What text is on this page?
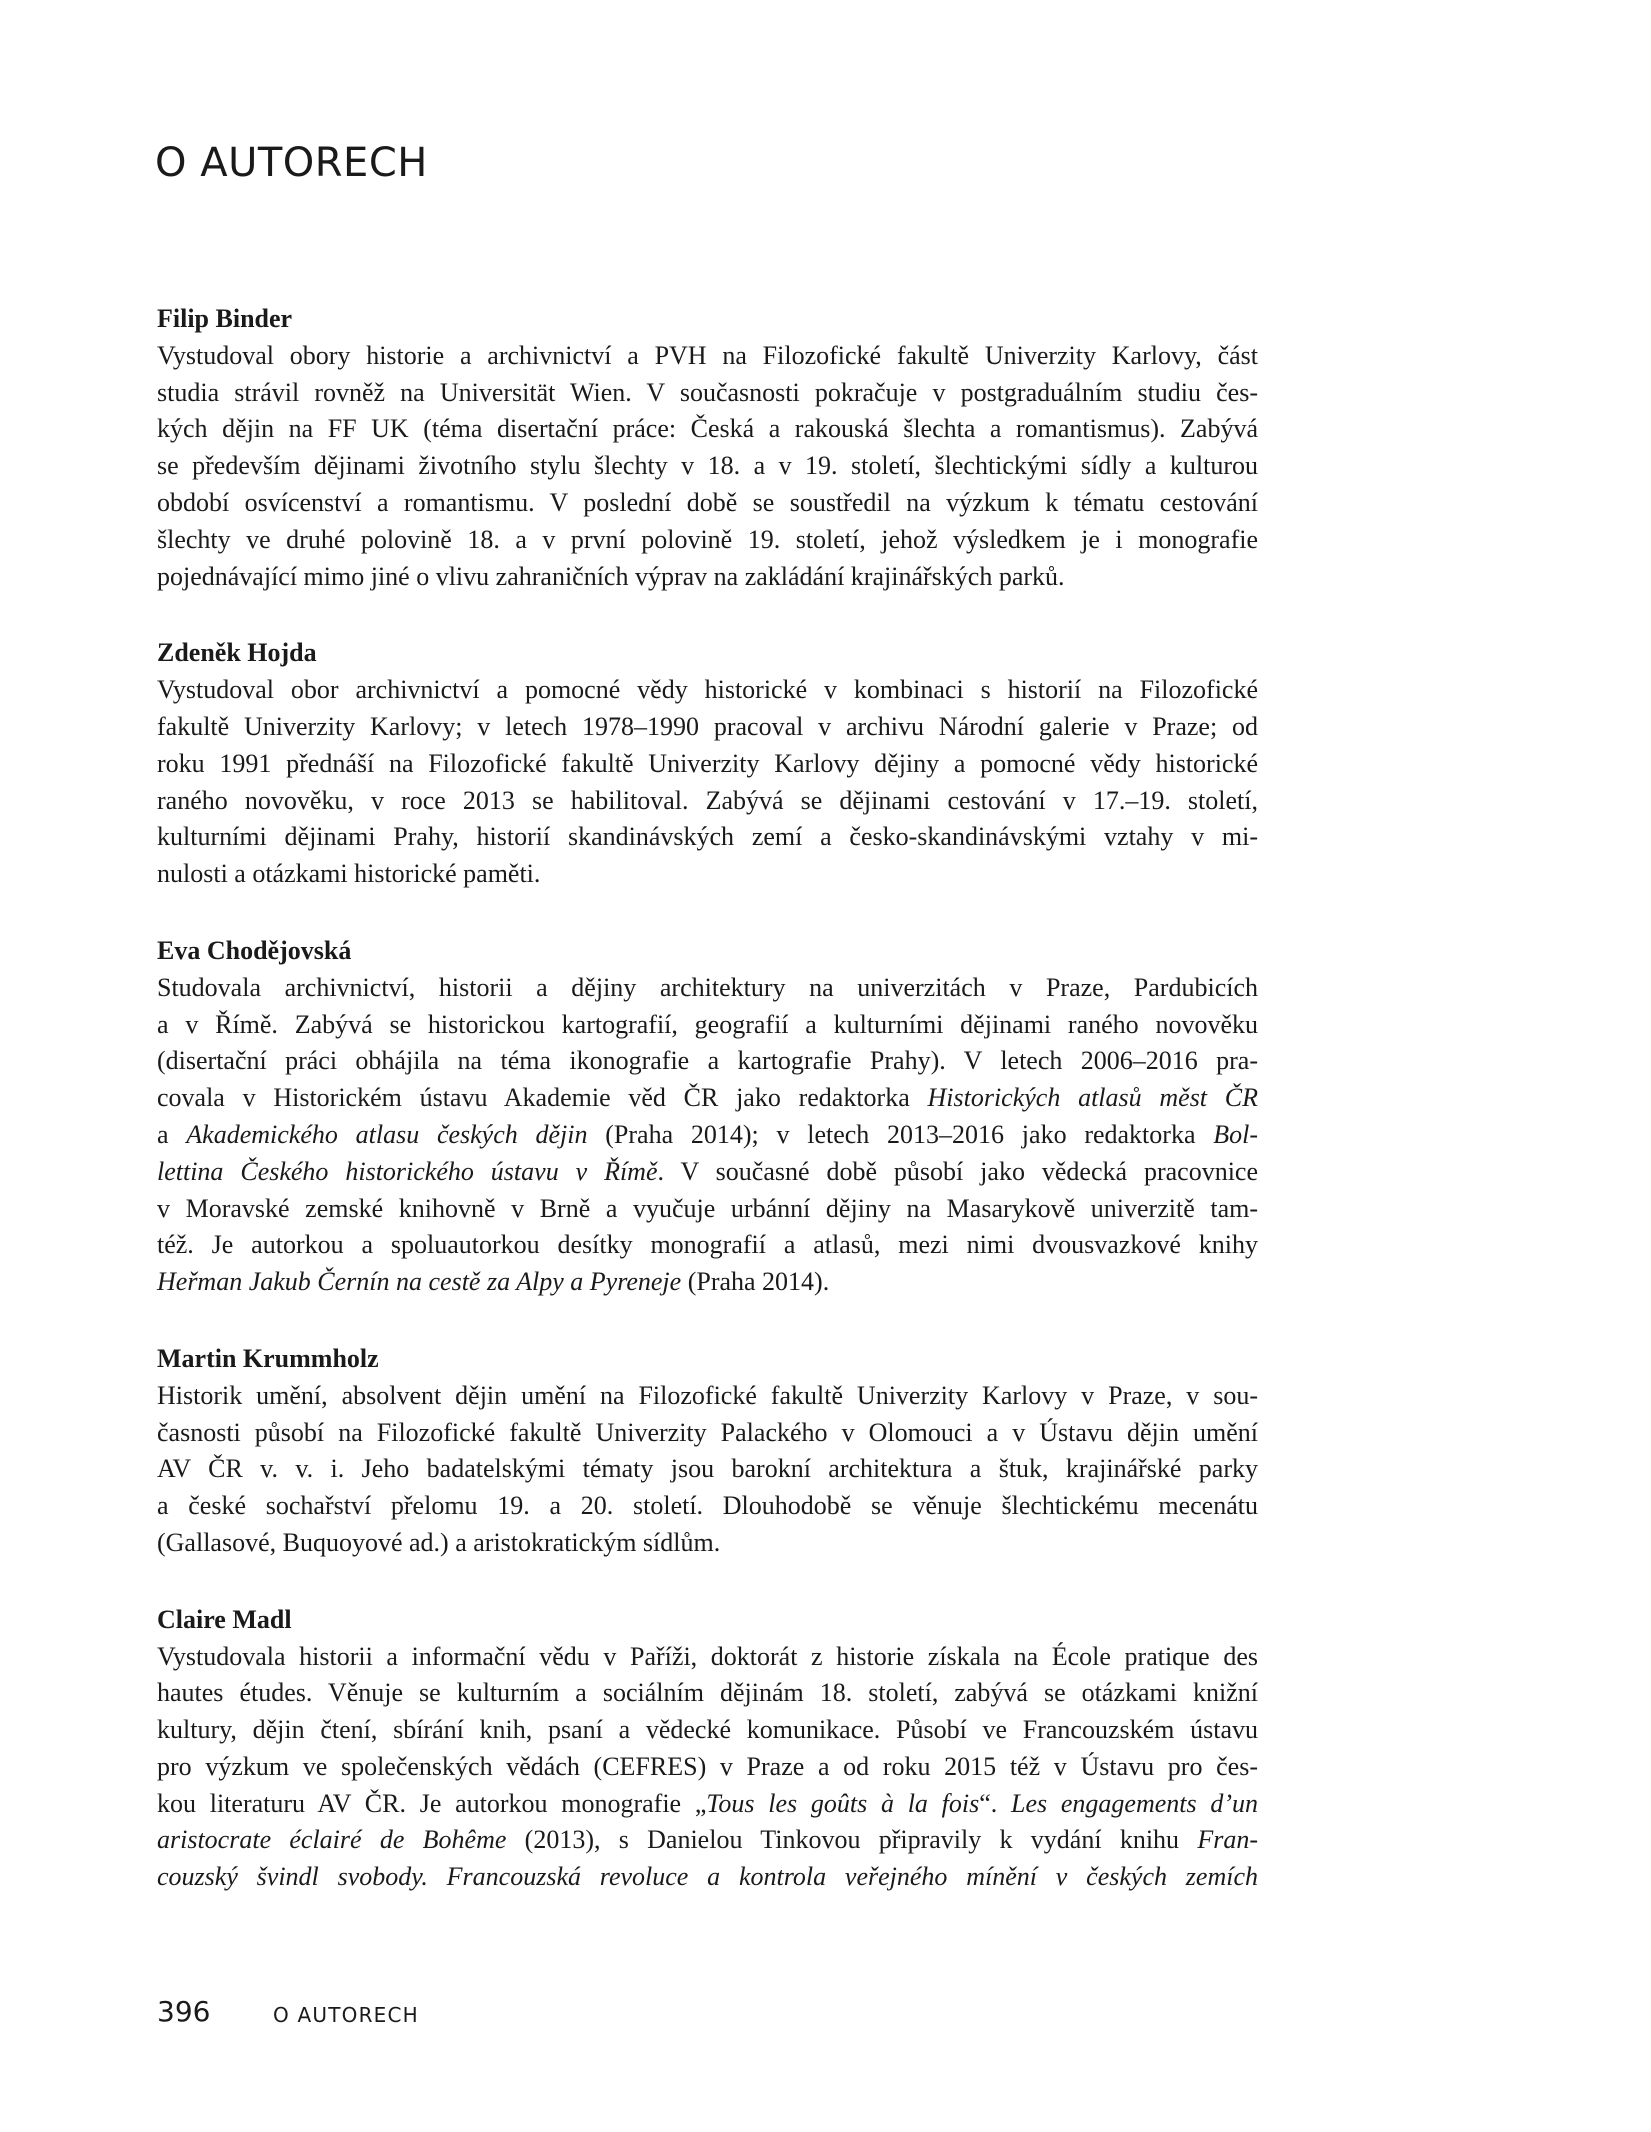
O AUTORECH
Filip Binder
Vystudoval obory historie a archivnictví a PVH na Filozofické fakultě Univerzity Karlovy, část
studia strávil rovněž na Universität Wien. V současnosti pokračuje v postgraduálním studiu čes-
kých dějin na FF UK (téma disertační práce: Česká a rakouská šlechta a romantismus). Zabývá
se především dějinami životního stylu šlechty v 18. a v 19. století, šlechtickými sídly a kulturou
období osvícenství a romantismu. V poslední době se soustředil na výzkum k tématu cestování
šlechty ve druhé polovině 18. a v první polovině 19. století, jehož výsledkem je i monografie
pojednávající mimo jiné o vlivu zahraničních výprav na zakládání krajinářských parků.
Zdeněk Hojda
Vystudoval obor archivnictví a pomocné vědy historické v kombinaci s historií na Filozofické
fakultě Univerzity Karlovy; v letech 1978–1990 pracoval v archivu Národní galerie v Praze; od
roku 1991 přednáší na Filozofické fakultě Univerzity Karlovy dějiny a pomocné vědy historické
raného novověku, v roce 2013 se habilitoval. Zabývá se dějinami cestování v 17.–19. století,
kulturními dějinami Prahy, historií skandinávských zemí a česko-skandinávskými vztahy v mi-
nulosti a otázkami historické paměti.
Eva Chodějovská
Studovala archivnictví, historii a dějiny architektury na univerzitách v Praze, Pardubicích
a v Římě. Zabývá se historickou kartografií, geografií a kulturními dějinami raného novověku
(disertační práci obhájila na téma ikonografie a kartografie Prahy). V letech 2006–2016 pra-
covala v Historickém ústavu Akademie věd ČR jako redaktorka Historických atlasů měst ČR
a Akademického atlasu českých dějin (Praha 2014); v letech 2013–2016 jako redaktorka Bol-
lettina Českého historického ústavu v Římě. V současné době působí jako vědecká pracovnice
v Moravské zemské knihovně v Brně a vyučuje urbánní dějiny na Masarykově univerzitě tam-
též. Je autorkou a spoluautorkou desítky monografií a atlasů, mezi nimi dvousvazkové knihy
Heřman Jakub Černín na cestě za Alpy a Pyreneje (Praha 2014).
Martin Krummholz
Historik umění, absolvent dějin umění na Filozofické fakultě Univerzity Karlovy v Praze, v sou-
časnosti působí na Filozofické fakultě Univerzity Palackého v Olomouci a v Ústavu dějin umění
AV ČR v. v. i. Jeho badatelskými tématy jsou barokní architektura a štuk, krajinářské parky
a české sochařství přelomu 19. a 20. století. Dlouhodobě se věnuje šlechtickému mecenátu
(Gallasové, Buquoyové ad.) a aristokratickým sídlům.
Claire Madl
Vystudovala historii a informační vědu v Paříži, doktorát z historie získala na École pratique des
hautes études. Věnuje se kulturním a sociálním dějinám 18. století, zabývá se otázkami knižní
kultury, dějin čtení, sbírání knih, psaní a vědecké komunikace. Působí ve Francouzském ústavu
pro výzkum ve společenských vědách (CEFRES) v Praze a od roku 2015 též v Ústavu pro čes-
kou literaturu AV ČR. Je autorkou monografie „Tous les goûts à la fois“. Les engagements d’un
aristocrate éclairé de Bohême (2013), s Danielou Tinkovou připravily k vydání knihu Fran-
couzský švindl svobody. Francouzská revoluce a kontrola veřejného mínění v českých zemích
396	O AUTORECH
